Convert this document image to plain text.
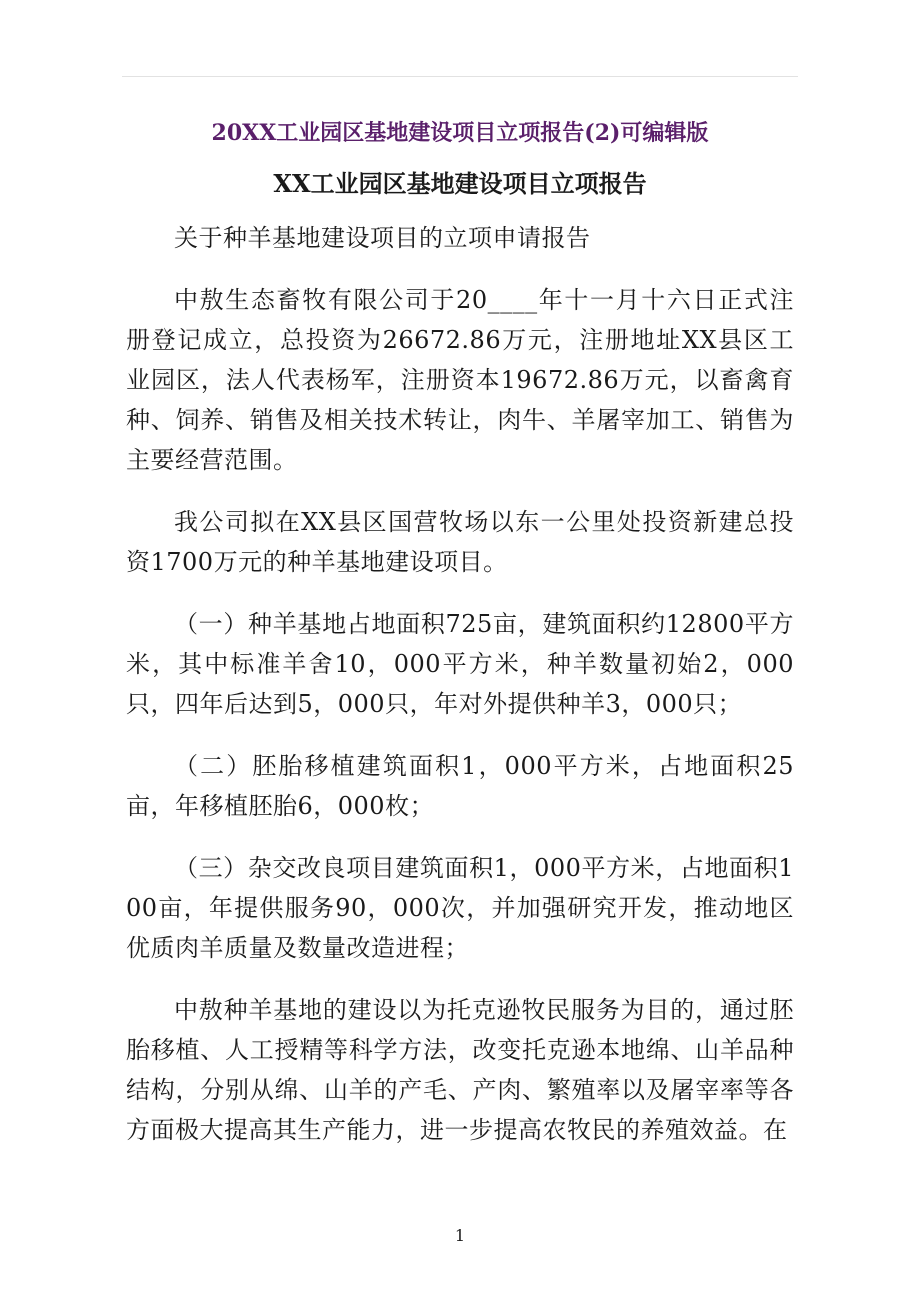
20XX工业园区基地建设项目立项报告(2)可编辑版
XX工业园区基地建设项目立项报告

关于种羊基地建设项目的立项申请报告

中敖生态畜牧有限公司于20____年十一月十六日正式注册登记成立，总投资为26672.86万元，注册地址XX县区工业园区，法人代表杨军，注册资本19672.86万元，以畜禽育种、饲养、销售及相关技术转让，肉牛、羊屠宰加工、销售为主要经营范围。

我公司拟在XX县区国营牧场以东一公里处投资新建总投资1700万元的种羊基地建设项目。

（一）种羊基地占地面积725亩，建筑面积约12800平方米，其中标准羊舍10，000平方米，种羊数量初始2，000只，四年后达到5，000只，年对外提供种羊3，000只；

（二）胚胎移植建筑面积1，000平方米，占地面积25亩，年移植胚胎6，000枚；

（三）杂交改良项目建筑面积1，000平方米，占地面积100亩，年提供服务90，000次，并加强研究开发，推动地区优质肉羊质量及数量改造进程；

中敖种羊基地的建设以为托克逊牧民服务为目的，通过胚胎移植、人工授精等科学方法，改变托克逊本地绵、山羊品种结构，分别从绵、山羊的产毛、产肉、繁殖率以及屠宰率等各方面极大提高其生产能力，进一步提高农牧民的养殖效益。在

1
